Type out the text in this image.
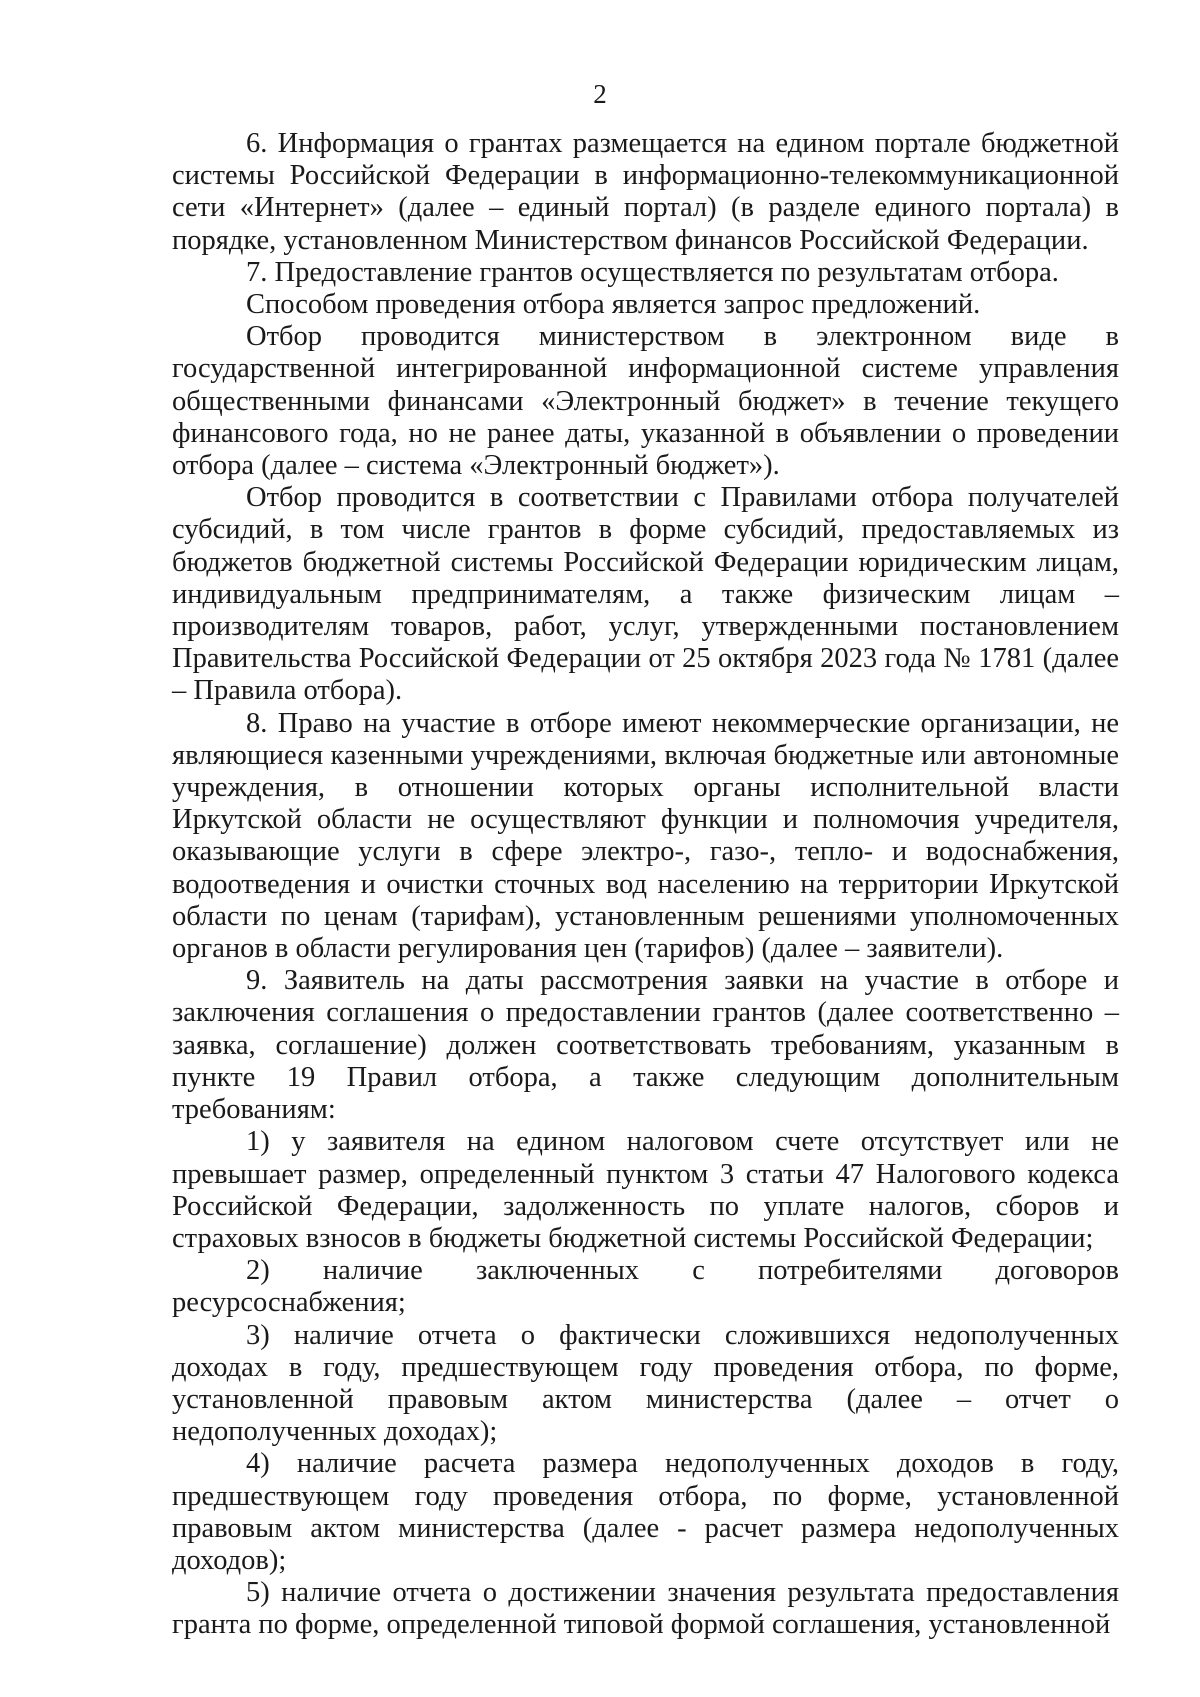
2

6. Информация о грантах размещается на едином портале бюджетной системы Российской Федерации в информационно-телекоммуникационной сети «Интернет» (далее – единый портал) (в разделе единого портала) в порядке, установленном Министерством финансов Российской Федерации.

7. Предоставление грантов осуществляется по результатам отбора.

Способом проведения отбора является запрос предложений.

Отбор проводится министерством в электронном виде в государственной интегрированной информационной системе управления общественными финансами «Электронный бюджет» в течение текущего финансового года, но не ранее даты, указанной в объявлении о проведении отбора (далее – система «Электронный бюджет»).

Отбор проводится в соответствии с Правилами отбора получателей субсидий, в том числе грантов в форме субсидий, предоставляемых из бюджетов бюджетной системы Российской Федерации юридическим лицам, индивидуальным предпринимателям, а также физическим лицам – производителям товаров, работ, услуг, утвержденными постановлением Правительства Российской Федерации от 25 октября 2023 года № 1781 (далее – Правила отбора).

8. Право на участие в отборе имеют некоммерческие организации, не являющиеся казенными учреждениями, включая бюджетные или автономные учреждения, в отношении которых органы исполнительной власти Иркутской области не осуществляют функции и полномочия учредителя, оказывающие услуги в сфере электро-, газо-, тепло- и водоснабжения, водоотведения и очистки сточных вод населению на территории Иркутской области по ценам (тарифам), установленным решениями уполномоченных органов в области регулирования цен (тарифов) (далее – заявители).

9. Заявитель на даты рассмотрения заявки на участие в отборе и заключения соглашения о предоставлении грантов (далее соответственно – заявка, соглашение) должен соответствовать требованиям, указанным в пункте 19 Правил отбора, а также следующим дополнительным требованиям:

1) у заявителя на едином налоговом счете отсутствует или не превышает размер, определенный пунктом 3 статьи 47 Налогового кодекса Российской Федерации, задолженность по уплате налогов, сборов и страховых взносов в бюджеты бюджетной системы Российской Федерации;

2) наличие заключенных с потребителями договоров ресурсоснабжения;

3) наличие отчета о фактически сложившихся недополученных доходах в году, предшествующем году проведения отбора, по форме, установленной правовым актом министерства (далее – отчет о недополученных доходах);

4) наличие расчета размера недополученных доходов в году, предшествующем году проведения отбора, по форме, установленной правовым актом министерства (далее - расчет размера недополученных доходов);

5) наличие отчета о достижении значения результата предоставления гранта по форме, определенной типовой формой соглашения, установленной
